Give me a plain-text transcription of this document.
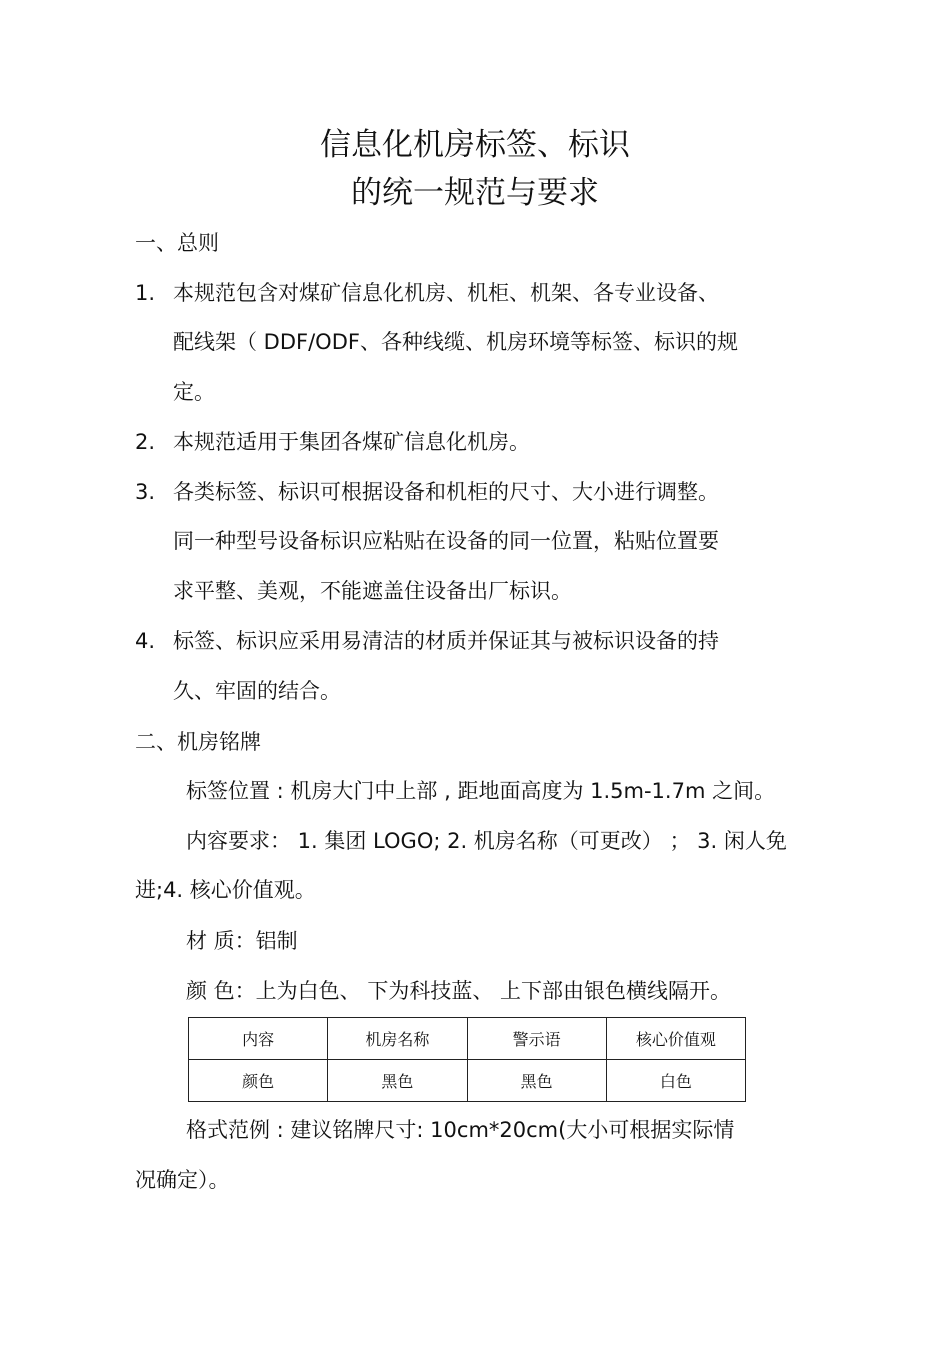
信息化机房标签、标识
的统一规范与要求
一、总则
1. 本规范包含对煤矿信息化机房、机柜、机架、各专业设备、
配线架（ DDF/ODF、各种线缆、机房环境等标签、标识的规
定。
2. 本规范适用于集团各煤矿信息化机房。
3. 各类标签、标识可根据设备和机柜的尺寸、大小进行调整。
同一种型号设备标识应粘贴在设备的同一位置，粘贴位置要
求平整、美观，不能遮盖住设备出厂标识。
4. 标签、标识应采用易清洁的材质并保证其与被标识设备的持
久、牢固的结合。
二、机房铭牌
标签位置 : 机房大门中上部 , 距地面高度为 1.5m-1.7m 之间。
内容要求： 1. 集团 LOGO; 2. 机房名称（可更改） ； 3. 闲人免
进;4. 核心价值观。
材 质：铝制
颜 色：上为白色、 下为科技蓝、 上下部由银色横线隔开。
内容	机房名称	警示语	核心价值观
颜色	黑色	黑色	白色
格式范例 : 建议铭牌尺寸: 10cm*20cm(大小可根据实际情
况确定）。
